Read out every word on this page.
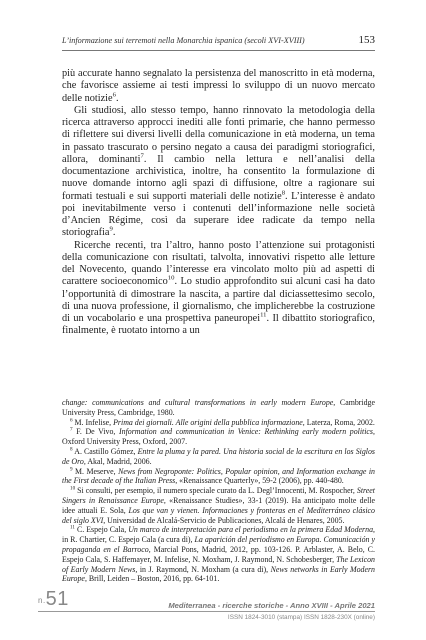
L’informazione sui terremoti nella Monarchia ispanica (secoli XVI-XVIII)	153

più accurate hanno segnalato la persistenza del manoscritto in età moderna, che favorisce assieme ai testi impressi lo sviluppo di un nuovo mercato delle notizie$^6$.

Gli studiosi, allo stesso tempo, hanno rinnovato la metodologia della ricerca attraverso approcci inediti alle fonti primarie, che hanno permesso di riflettere sui diversi livelli della comunicazione in età moderna, un tema in passato trascurato o persino negato a causa dei paradigmi storiografici, allora, dominanti$^7$. Il cambio nella lettura e nell’analisi della documentazione archivistica, inoltre, ha consentito la formulazione di nuove domande intorno agli spazi di diffusione, oltre a ragionare sui formati testuali e sui supporti materiali delle notizie$^8$. L’interesse è andato poi inevitabilmente verso i contenuti dell’informazione nelle società d’Ancien Régime, così da superare idee radicate da tempo nella storiografia$^9$.

Ricerche recenti, tra l’altro, hanno posto l’attenzione sui protagonisti della comunicazione con risultati, talvolta, innovativi rispetto alle letture del Novecento, quando l’interesse era vincolato molto più ad aspetti di carattere socioeconomico$^{10}$. Lo studio approfondito sui alcuni casi ha dato l’opportunità di dimostrare la nascita, a partire dal diciassettesimo secolo, di una nuova professione, il giornalismo, che implicherebbe la costruzione di un vocabolario e una prospettiva paneuropei$^{11}$. Il dibattito storiografico, finalmente, è ruotato intorno a un

change: communications and cultural transformations in early modern Europe, Cambridge University Press, Cambridge, 1980.

$^6$ M. Infelise, Prima dei giornali. Alle origini della pubblica informazione, Laterza, Roma, 2002.

$^7$ F. De Vivo, Information and communication in Venice: Rethinking early modern politics, Oxford University Press, Oxford, 2007.

$^8$ A. Castillo Gómez, Entre la pluma y la pared. Una historia social de la escritura en los Siglos de Oro, Akal, Madrid, 2006.

$^9$ M. Meserve, News from Negroponte: Politics, Popular opinion, and Information exchange in the First decade of the Italian Press, «Renaissance Quarterly», 59-2 (2006), pp. 440-480.

$^{10}$ Si consulti, per esempio, il numero speciale curato da L. Degl’Innocenti, M. Rospocher, Street Singers in Renaissance Europe, «Renaissance Studies», 33-1 (2019). Ha anticipato molte delle idee attuali E. Sola, Los que van y vienen. Informaciones y fronteras en el Mediterráneo clásico del siglo XVI, Universidad de Alcalá-Servicio de Publicaciones, Alcalá de Henares, 2005.

$^{11}$ C. Espejo Cala, Un marco de interpretación para el periodismo en la primera Edad Moderna, in R. Chartier, C. Espejo Cala (a cura di), La aparición del periodismo en Europa. Comunicación y propaganda en el Barroco, Marcial Pons, Madrid, 2012, pp. 103-126. P. Arblaster, A. Belo, C. Espejo Cala, S. Haffemayer, M. Infelise, N. Moxham, J. Raymond, N. Schobesberger, The Lexicon of Early Modern News, in J. Raymond, N. Moxham (a cura di), News networks in Early Modern Europe, Brill, Leiden – Boston, 2016, pp. 64-101.

n.51	Mediterranea - ricerche storiche - Anno XVIII - Aprile 2021
ISSN 1824-3010 (stampa) ISSN 1828-230X (online)
